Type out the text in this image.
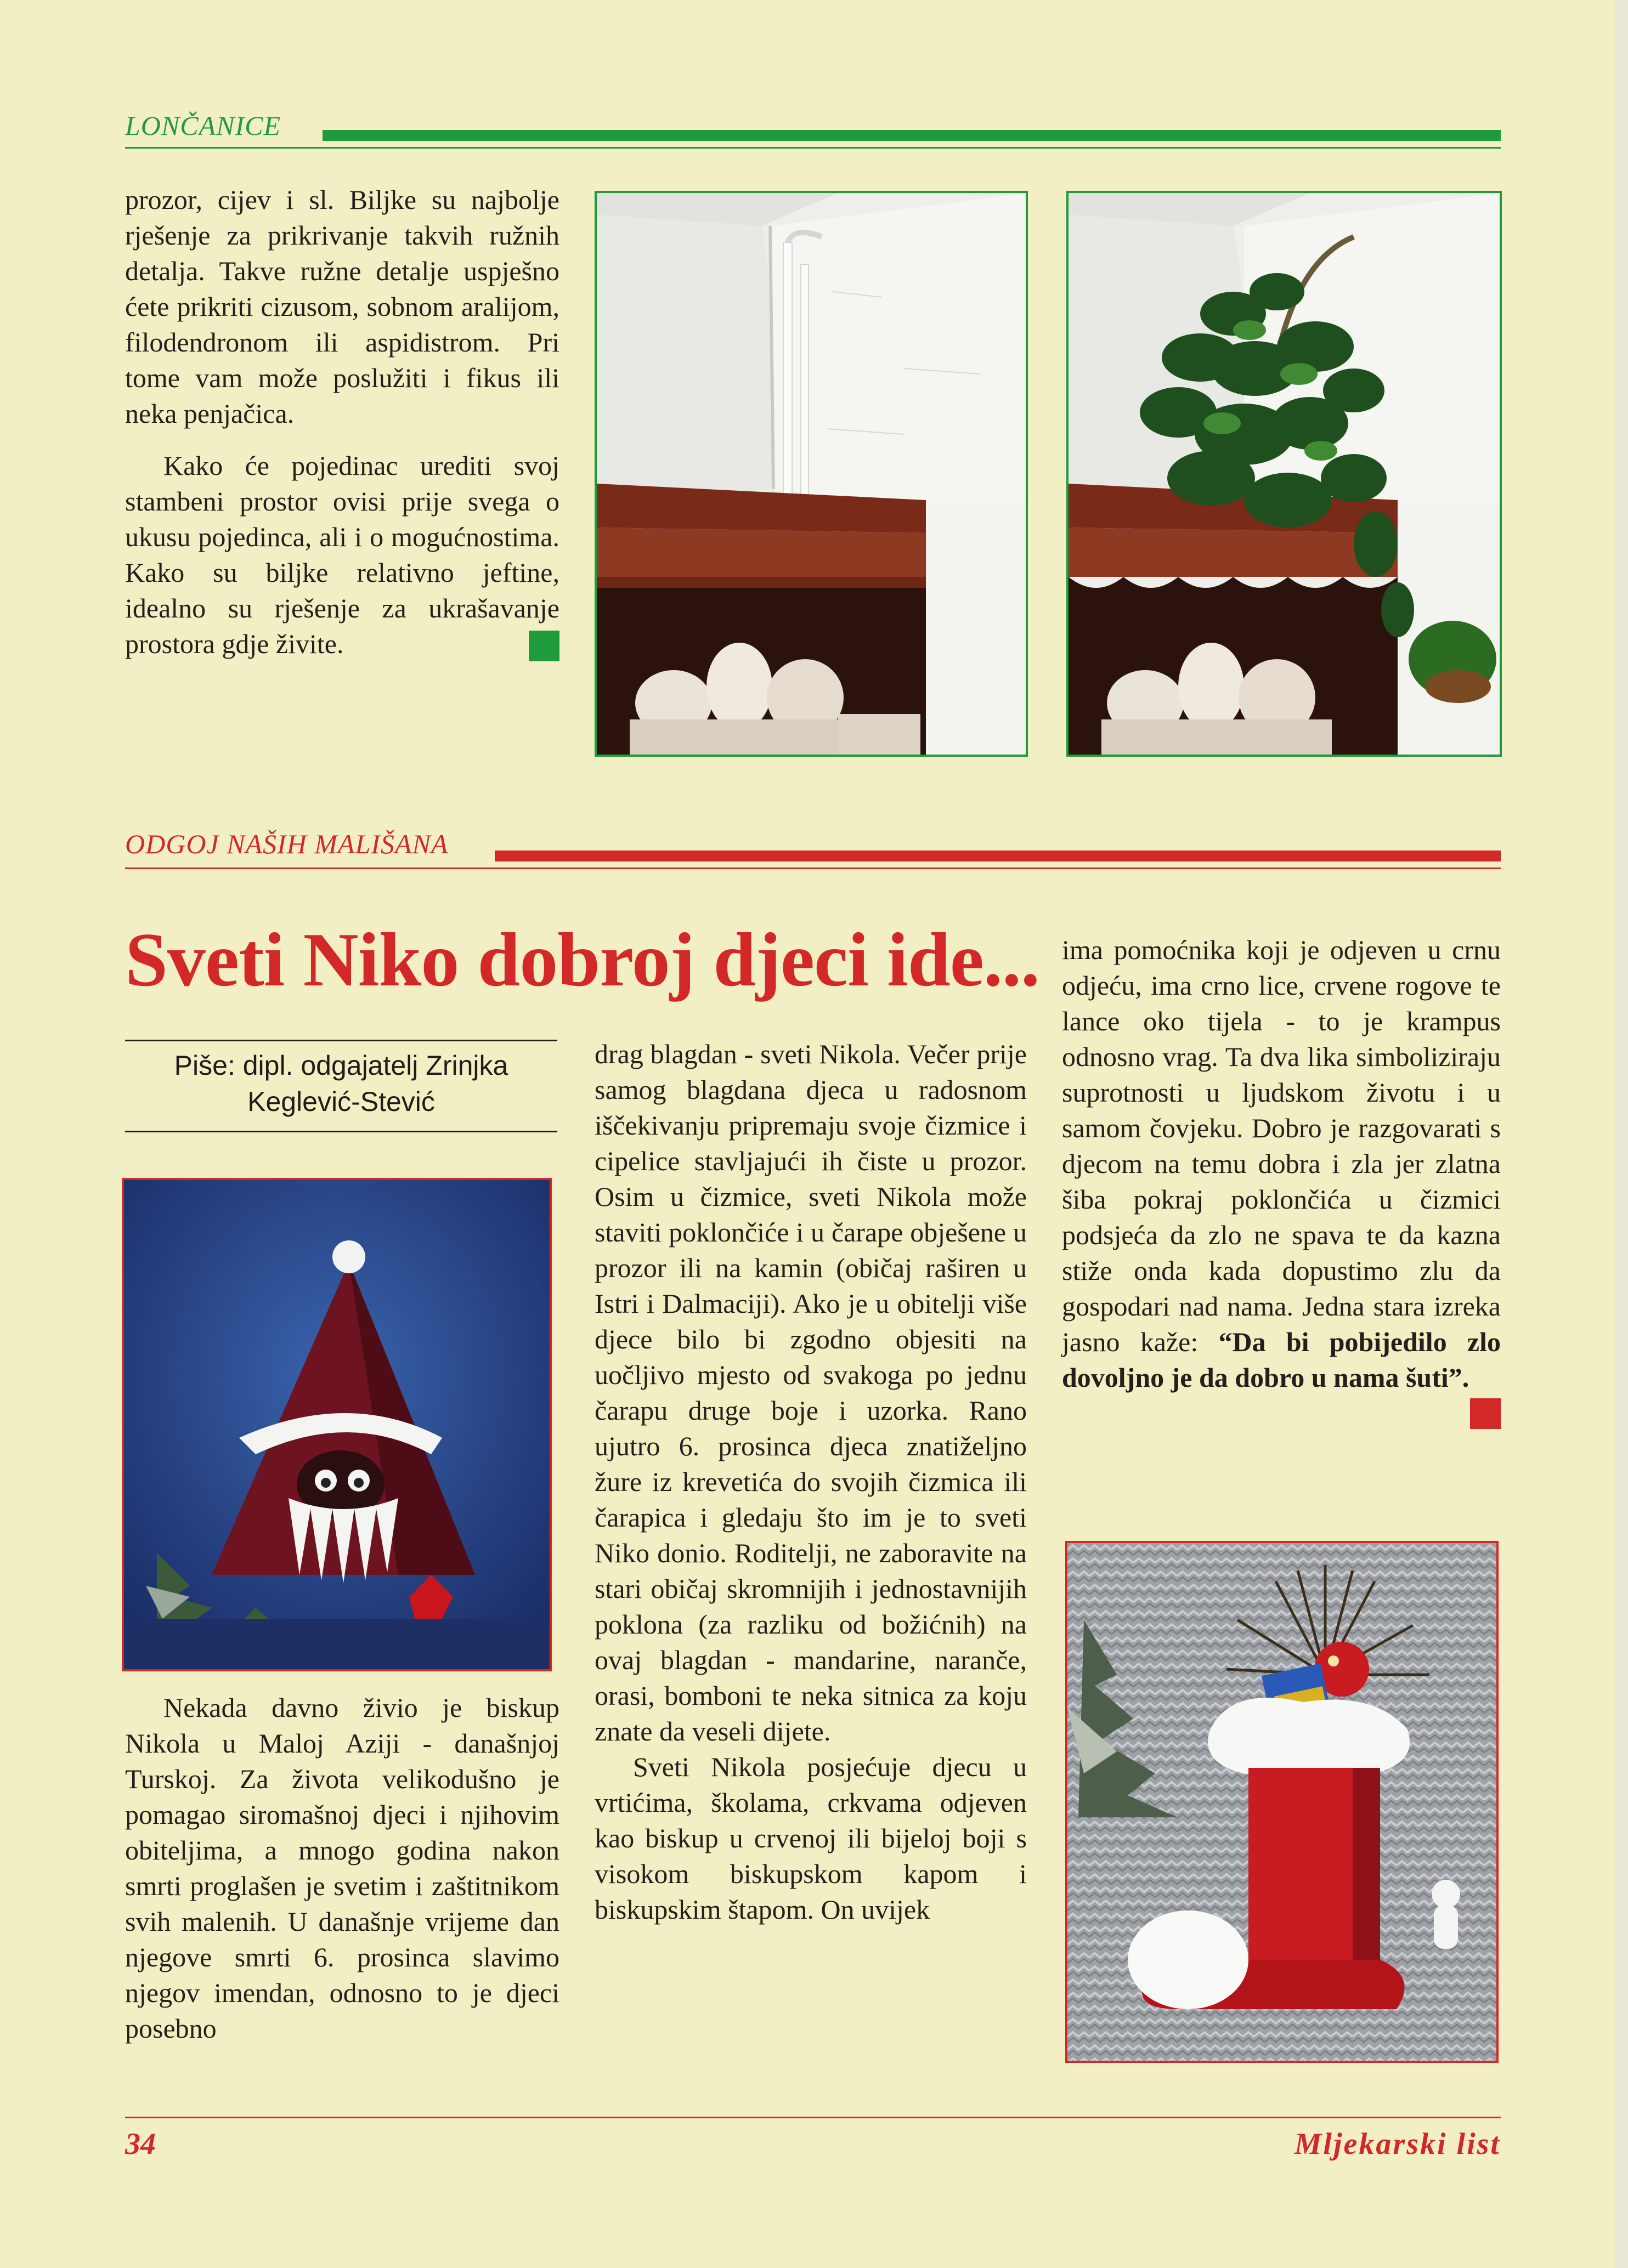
LONČANICE

prozor, cijev i sl. Biljke su najbolje rješenje za prikrivanje takvih ružnih detalja. Takve ružne detalje uspješno ćete prikriti cizusom, sobnom aralijom, filodendronom ili aspidistrom. Pri tome vam može poslužiti i fikus ili neka penjačica.

Kako će pojedinac urediti svoj stambeni prostor ovisi prije svega o ukusu pojedinca, ali i o mogućnostima. Kako su biljke relativno jeftine, idealno su rješenje za ukrašavanje prostora gdje živite.

ODGOJ NAŠIH MALIŠANA
Sveti Niko dobroj djeci ide...
Piše: dipl. odgajatelj Zrinjka
Keglević-Stević

Nekada davno živio je biskup Nikola u Maloj Aziji - današnjoj Turskoj. Za života velikodušno je pomagao siromašnoj djeci i njihovim obiteljima, a mnogo godina nakon smrti proglašen je svetim i zaštitnikom svih malenih. U današnje vrijeme dan njegove smrti 6. prosinca slavimo njegov imendan, odnosno to je djeci posebno

drag blagdan - sveti Nikola. Večer prije samog blagdana djeca u radosnom iščekivanju pripremaju svoje čizmice i cipelice stavljajući ih čiste u prozor. Osim u čizmice, sveti Nikola može staviti poklončiće i u čarape obješene u prozor ili na kamin (običaj raširen u Istri i Dalmaciji). Ako je u obitelji više djece bilo bi zgodno objesiti na uočljivo mjesto od svakoga po jednu čarapu druge boje i uzorka. Rano ujutro 6. prosinca djeca znatiželjno žure iz krevetića do svojih čizmica ili čarapica i gledaju što im je to sveti Niko donio. Roditelji, ne zaboravite na stari običaj skromnijih i jednostavnijih poklona (za razliku od božićnih) na ovaj blagdan - mandarine, naranče, orasi, bomboni te neka sitnica za koju znate da veseli dijete.

Sveti Nikola posjećuje djecu u vrtićima, školama, crkvama odjeven kao biskup u crvenoj ili bijeloj boji s visokom biskupskom kapom i biskupskim štapom. On uvijek

ima pomoćnika koji je odjeven u crnu odjeću, ima crno lice, crvene rogove te lance oko tijela - to je krampus odnosno vrag. Ta dva lika simboliziraju suprotnosti u ljudskom životu i u samom čovjeku. Dobro je razgovarati s djecom na temu dobra i zla jer zlatna šiba pokraj poklončića u čizmici podsjeća da zlo ne spava te da kazna stiže onda kada dopustimo zlu da gospodari nad nama. Jedna stara izreka jasno kaže: “Da bi pobijedilo zlo dovoljno je da dobro u nama šuti”.

34	Mljekarski list
